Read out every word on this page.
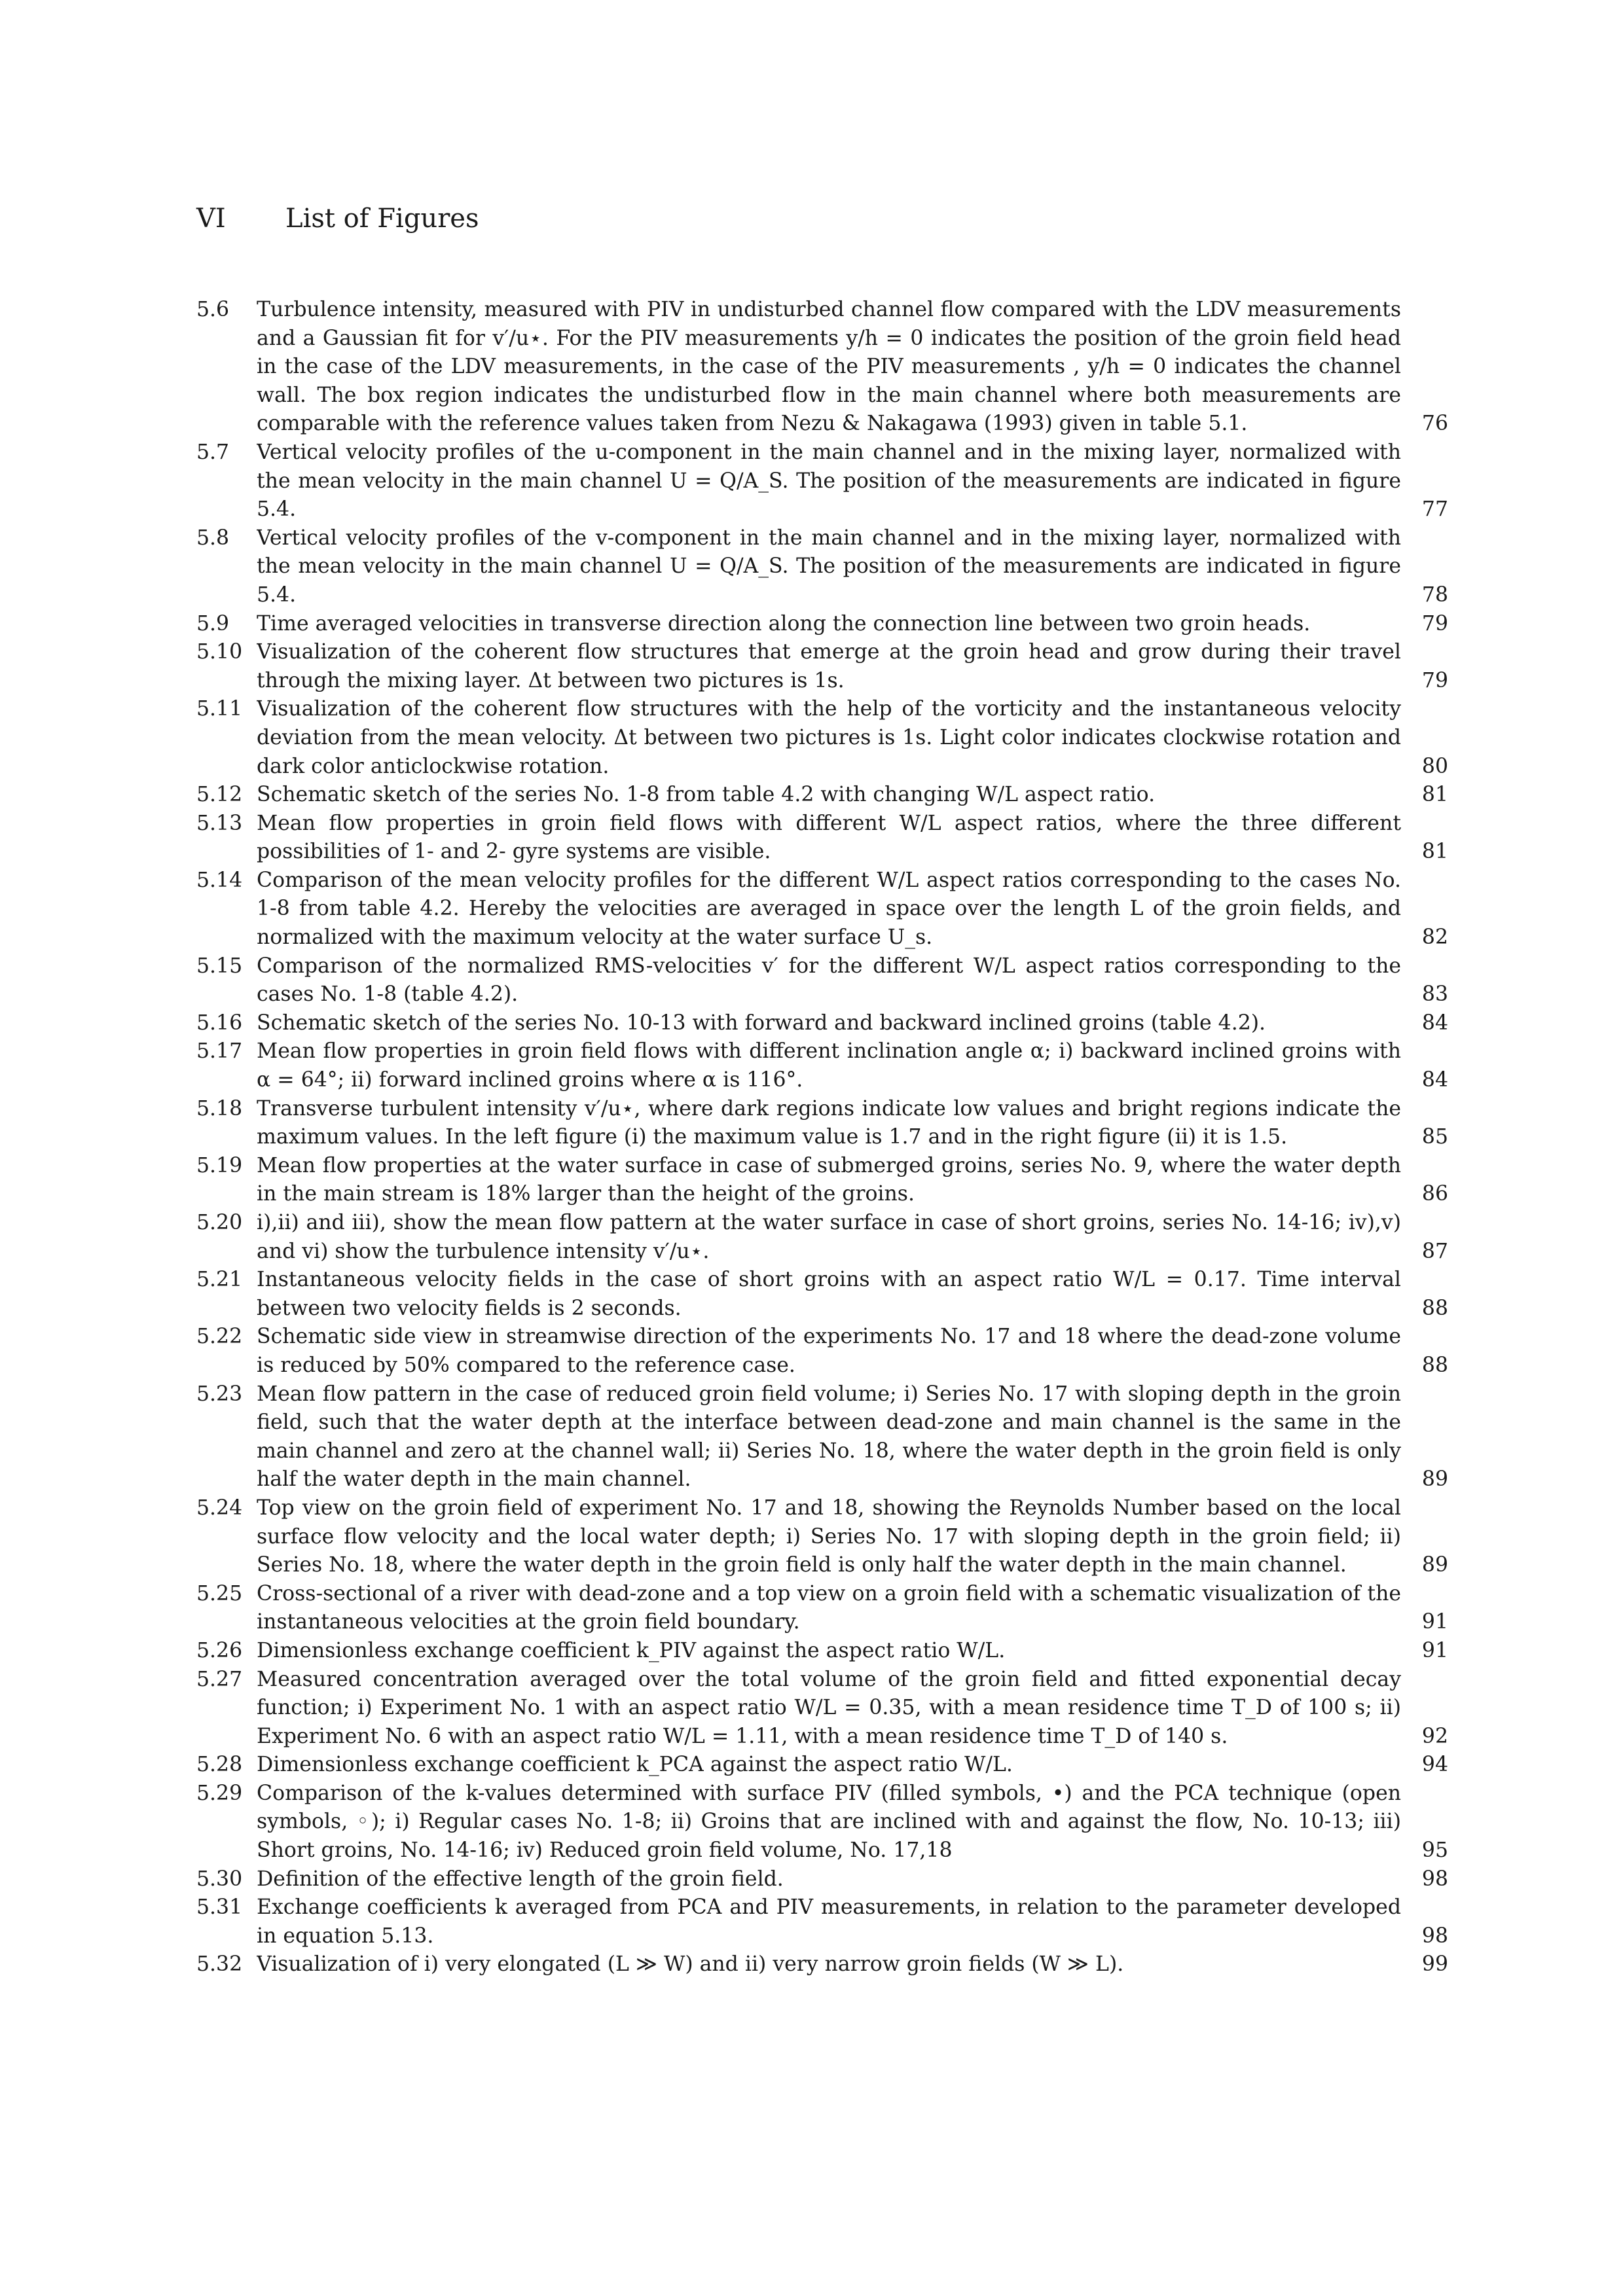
VI List of Figures
5.6	Turbulence intensity, measured with PIV in undisturbed channel flow compared with the LDV measurements and a Gaussian fit for v′/u⋆. For the PIV measurements y/h = 0 indicates the position of the groin field head in the case of the LDV measurements, in the case of the PIV measurements , y/h = 0 indicates the channel wall. The box region indicates the undisturbed flow in the main channel where both measurements are comparable with the reference values taken from Nezu & Nakagawa (1993) given in table 5.1.	76
5.7	Vertical velocity profiles of the u-component in the main channel and in the mixing layer, normalized with the mean velocity in the main channel U = Q/A_S. The position of the measurements are indicated in figure 5.4.	77
5.8	Vertical velocity profiles of the v-component in the main channel and in the mixing layer, normalized with the mean velocity in the main channel U = Q/A_S. The position of the measurements are indicated in figure 5.4.	78
5.9	Time averaged velocities in transverse direction along the connection line between two groin heads.	79
5.10 Visualization of the coherent flow structures that emerge at the groin head and grow during their travel through the mixing layer. Δt between two pictures is 1s.	79
5.11 Visualization of the coherent flow structures with the help of the vorticity and the instantaneous velocity deviation from the mean velocity. Δt between two pictures is 1s. Light color indicates clockwise rotation and dark color anticlockwise rotation.	80
5.12 Schematic sketch of the series No. 1-8 from table 4.2 with changing W/L aspect ratio.	81
5.13 Mean flow properties in groin field flows with different W/L aspect ratios, where the three different possibilities of 1- and 2- gyre systems are visible.	81
5.14 Comparison of the mean velocity profiles for the different W/L aspect ratios corresponding to the cases No. 1-8 from table 4.2. Hereby the velocities are averaged in space over the length L of the groin fields, and normalized with the maximum velocity at the water surface U_s.	82
5.15 Comparison of the normalized RMS-velocities v′ for the different W/L aspect ratios corresponding to the cases No. 1-8 (table 4.2).	83
5.16 Schematic sketch of the series No. 10-13 with forward and backward inclined groins (table 4.2).	84
5.17 Mean flow properties in groin field flows with different inclination angle α; i) backward inclined groins with α = 64°; ii) forward inclined groins where α is 116°.	84
5.18 Transverse turbulent intensity v′/u⋆, where dark regions indicate low values and bright regions indicate the maximum values. In the left figure (i) the maximum value is 1.7 and in the right figure (ii) it is 1.5.	85
5.19 Mean flow properties at the water surface in case of submerged groins, series No. 9, where the water depth in the main stream is 18% larger than the height of the groins.	86
5.20 i),ii) and iii), show the mean flow pattern at the water surface in case of short groins, series No. 14-16; iv),v) and vi) show the turbulence intensity v′/u⋆.	87
5.21 Instantaneous velocity fields in the case of short groins with an aspect ratio W/L = 0.17. Time interval between two velocity fields is 2 seconds.	88
5.22 Schematic side view in streamwise direction of the experiments No. 17 and 18 where the dead-zone volume is reduced by 50% compared to the reference case.	88
5.23 Mean flow pattern in the case of reduced groin field volume; i) Series No. 17 with sloping depth in the groin field, such that the water depth at the interface between dead-zone and main channel is the same in the main channel and zero at the channel wall; ii) Series No. 18, where the water depth in the groin field is only half the water depth in the main channel.	89
5.24 Top view on the groin field of experiment No. 17 and 18, showing the Reynolds Number based on the local surface flow velocity and the local water depth; i) Series No. 17 with sloping depth in the groin field; ii) Series No. 18, where the water depth in the groin field is only half the water depth in the main channel.	89
5.25 Cross-sectional of a river with dead-zone and a top view on a groin field with a schematic visualization of the instantaneous velocities at the groin field boundary.	91
5.26 Dimensionless exchange coefficient k_PIV against the aspect ratio W/L.	91
5.27 Measured concentration averaged over the total volume of the groin field and fitted exponential decay function; i) Experiment No. 1 with an aspect ratio W/L = 0.35, with a mean residence time T_D of 100 s; ii) Experiment No. 6 with an aspect ratio W/L = 1.11, with a mean residence time T_D of 140 s.	92
5.28 Dimensionless exchange coefficient k_PCA against the aspect ratio W/L.	94
5.29 Comparison of the k-values determined with surface PIV (filled symbols, •) and the PCA technique (open symbols, ◦); i) Regular cases No. 1-8; ii) Groins that are inclined with and against the flow, No. 10-13; iii) Short groins, No. 14-16; iv) Reduced groin field volume, No. 17,18	95
5.30 Definition of the effective length of the groin field.	98
5.31 Exchange coefficients k averaged from PCA and PIV measurements, in relation to the parameter developed in equation 5.13.	98
5.32 Visualization of i) very elongated (L ≫ W) and ii) very narrow groin fields (W ≫ L).	99
